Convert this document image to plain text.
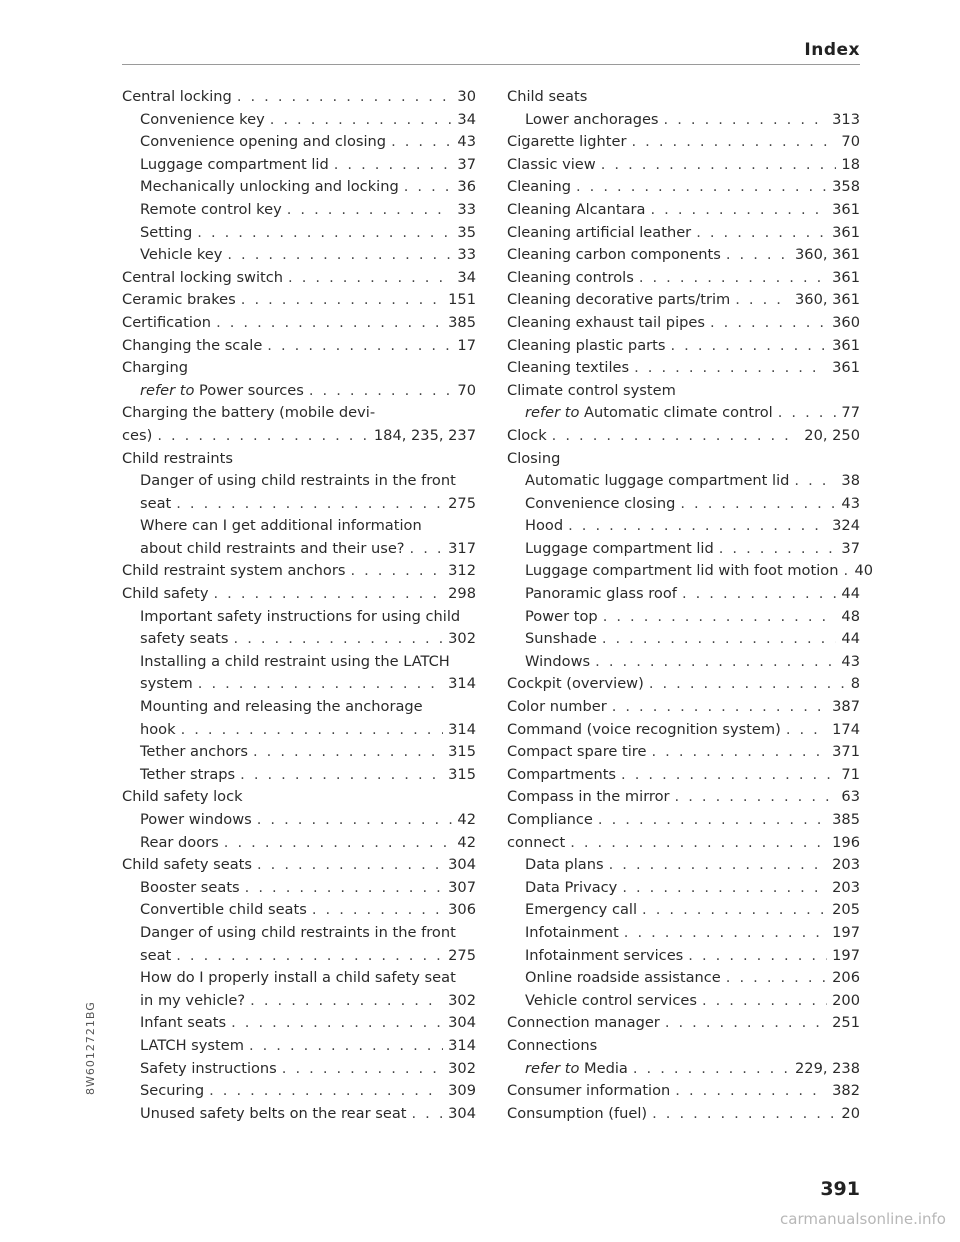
Index
Central locking . . .	30
Convenience key . . .	34
Convenience opening and closing . . .	43
Luggage compartment lid . . .	37
Mechanically unlocking and locking . . .	36
Remote control key . . .	33
Setting . . .	35
Vehicle key . . .	33
Central locking switch . . .	34
Ceramic brakes . . .	151
Certification . . .	385
Changing the scale . . .	17
Charging
refer to Power sources . . .	70
Charging the battery (mobile devi-
ces) . . .	184, 235, 237
Child restraints
Danger of using child restraints in the front
seat . . .	275
Where can I get additional information
about child restraints and their use? . . .	317
Child restraint system anchors . . .	312
Child safety . . .	298
Important safety instructions for using child
safety seats . . .	302
Installing a child restraint using the LATCH
system . . .	314
Mounting and releasing the anchorage
hook . . .	314
Tether anchors . . .	315
Tether straps . . .	315
Child safety lock
Power windows . . .	42
Rear doors . . .	42
Child safety seats . . .	304
Booster seats . . .	307
Convertible child seats . . .	306
Danger of using child restraints in the front
seat . . .	275
How do I properly install a child safety seat
in my vehicle? . . .	302
Infant seats . . .	304
LATCH system . . .	314
Safety instructions . . .	302
Securing . . .	309
Unused safety belts on the rear seat . . .	304
Child seats
Lower anchorages . . .	313
Cigarette lighter . . .	70
Classic view . . .	18
Cleaning . . .	358
Cleaning Alcantara . . .	361
Cleaning artificial leather . . .	361
Cleaning carbon components . . .	360, 361
Cleaning controls . . .	361
Cleaning decorative parts/trim . . .	360, 361
Cleaning exhaust tail pipes . . .	360
Cleaning plastic parts . . .	361
Cleaning textiles . . .	361
Climate control system
refer to Automatic climate control . . .	77
Clock . . .	20, 250
Closing
Automatic luggage compartment lid . . .	38
Convenience closing . . .	43
Hood . . .	324
Luggage compartment lid . . .	37
Luggage compartment lid with foot motion . . . 40
Panoramic glass roof . . .	44
Power top . . .	48
Sunshade . . .	44
Windows . . .	43
Cockpit (overview) . . .	8
Color number . . .	387
Command (voice recognition system) . . .	174
Compact spare tire . . .	371
Compartments . . .	71
Compass in the mirror . . .	63
Compliance . . .	385
connect . . .	196
Data plans . . .	203
Data Privacy . . .	203
Emergency call . . .	205
Infotainment . . .	197
Infotainment services . . .	197
Online roadside assistance . . .	206
Vehicle control services . . .	200
Connection manager . . .	251
Connections
refer to Media . . .	229, 238
Consumer information . . .	382
Consumption (fuel) . . .	20
8W6012721BG
391
carmanualsonline.info
